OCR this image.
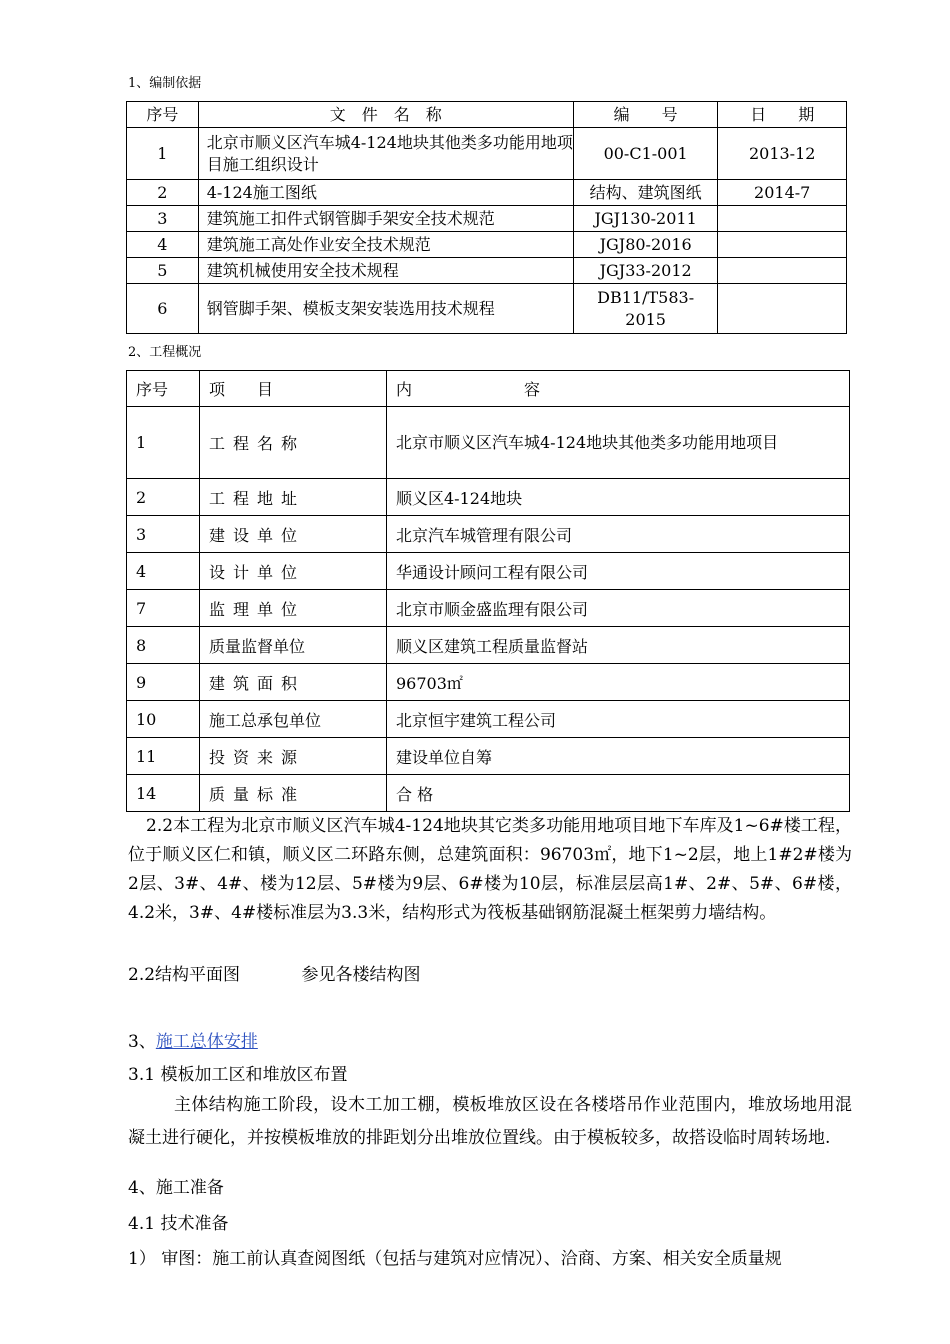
1、编制依据
序号	文　件　名　称	编　　号	日　　期
1	北京市顺义区汽车城4-124地块其他类多功能用地项目施工组织设计	00-C1-001	2013-12
2	4-124施工图纸	结构、建筑图纸	2014-7
3	建筑施工扣件式钢管脚手架安全技术规范	JGJ130-2011	
4	建筑施工高处作业安全技术规范	JGJ80-2016	
5	建筑机械使用安全技术规程	JGJ33-2012	
6	钢管脚手架、模板支架安装选用技术规程	DB11/T583-2015	
2、工程概况
序号	项　　目	内　　　　　　　容
1	工程名称	北京市顺义区汽车城4-124地块其他类多功能用地项目
2	工程地址	顺义区4-124地块
3	建设单位	北京汽车城管理有限公司
4	设计单位	华通设计顾问工程有限公司
7	监理单位	北京市顺金盛监理有限公司
8	质量监督单位	顺义区建筑工程质量监督站
9	建筑面积	96703㎡
10	施工总承包单位	北京恒宇建筑工程公司
11	投资来源	建设单位自筹
14	质量标准	合 格
2.2本工程为北京市顺义区汽车城4-124地块其它类多功能用地项目地下车库及1~6#楼工程，位于顺义区仁和镇，顺义区二环路东侧，总建筑面积：96703㎡，地下1~2层，地上1#2#楼为2层、3#、4#、楼为12层、5#楼为9层、6#楼为10层，标准层层高1#、2#、5#、6#楼，4.2米，3#、4#楼标准层为3.3米，结构形式为筏板基础钢筋混凝土框架剪力墙结构。
2.2结构平面图	参见各楼结构图
3、施工总体安排
3.1 模板加工区和堆放区布置
主体结构施工阶段，设木工加工棚，模板堆放区设在各楼塔吊作业范围内，堆放场地用混凝土进行硬化，并按模板堆放的排距划分出堆放位置线。由于模板较多，故搭设临时周转场地.
4、施工准备
4.1 技术准备
1） 审图：施工前认真查阅图纸（包括与建筑对应情况）、洽商、方案、相关安全质量规
